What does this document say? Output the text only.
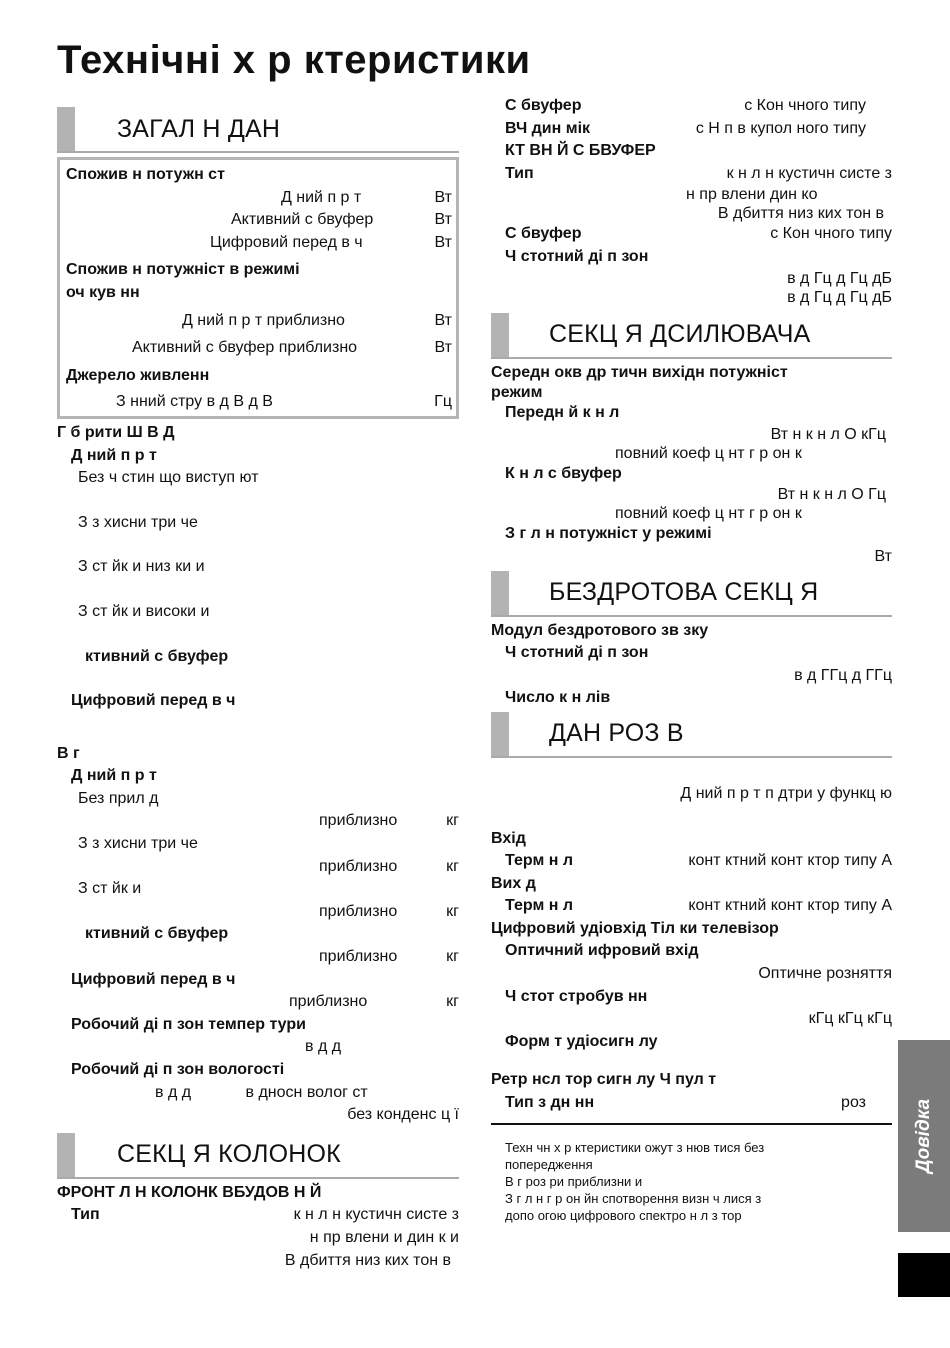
Технічні х р ктеристики
ЗАГАЛ Н ДАН
Спожив н потужн ст
Д ний п р т	Вт
Активний с бвуфер	Вт
Цифровий перед в ч	Вт
Спожив н потужніст в режимі
оч кув нн
Д ний п р т приблизно	Вт
Активний с бвуфер приблизно	Вт
Джерело живленн
З нний стру в д В д В	Гц
Г б рити Ш В Д
Д ний п р т
Без ч стин що виступ ют
З з хисни три че
З ст йк и низ ки и
З ст йк и високи и
ктивний с бвуфер
Цифровий перед в ч
В г
Д ний п р т
Без прил д
приблизно	кг
З з хисни три че
приблизно	кг
З ст йк и
приблизно	кг
ктивний с бвуфер
приблизно	кг
Цифровий перед в ч
приблизно	кг
Робочий ді п зон темпер тури
в д д
Робочий ді п зон вологості
в д д	в дносн волог ст
без конденс ц ї
СЕКЦ Я КОЛОНОК
ФРОНТ Л Н КОЛОНК ВБУДОВ Н Й
Тип	к н л н кустичн систе з
н пр влени и дин к и
В дбиття низ ких тон в
С бвуфер	с Кон чного типу
ВЧ дин мік	с Н п в купол ного типу
КТ ВН Й С БВУФЕР
Тип	к н л н кустичн систе з
н пр влени дин ко
В дбиття низ ких тон в
С бвуфер	с Кон чного типу
Ч стотний ді п зон
в д Гц д Гц дБ
в д Гц д Гц дБ
СЕКЦ Я ДСИЛЮВАЧА
Середн окв др тичн вихідн потужніст
режим
Передн й к н л
Вт н к н л О кГц
повний коеф ц нт г р он к
К н л с бвуфер
Вт н к н л О Гц
повний коеф ц нт г р он к
З г л н потужніст у режимі
Вт
БЕЗДРОТОВА СЕКЦ Я
Модул бездротового зв зку
Ч стотний ді п зон
в д ГГц д ГГц
Число к н лів
ДАН РОЗ В
Д ний п р т п дтри у функц ю
Вхід
Терм н л	конт ктний конт ктор типу А
Вих д
Терм н л	конт ктний конт ктор типу А
Цифровий удіовхід Тіл ки телевізор
Оптичний ифровий вхід
Оптичне розняття
Ч стот стробув нн
кГц кГц кГц
Форм т удіосигн лу
Ретр нсл тор сигн лу Ч пул т
Тип з дн нн	роз
Техн чн х р ктеристики ожут з нюв тися без
попередження
В г роз ри приблизни и
З г л н г р он йн спотворення визн ч лися з
допо огою цифрового спектро н л з тор
Довідка
